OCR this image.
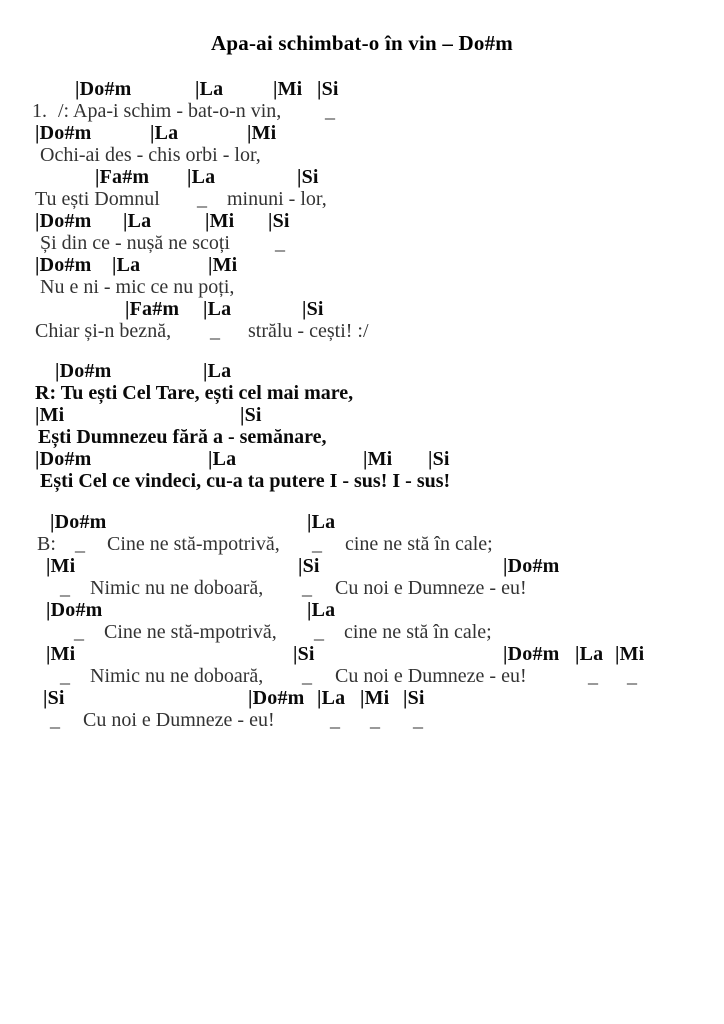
Apa-ai schimbat-o în vin – Do#m
|Do#m	|La |Mi |Si
1. /: Apa-i schim - bat-o-n vin, _
|Do#m	|La	|Mi
Ochi-ai des - chis orbi - lor,
|Fa#m |La	|Si
Tu ești Domnul _ minuni - lor,
|Do#m |La	|Mi |Si
Și din ce - nușă ne scoți _
|Do#m |La	|Mi
Nu e ni - mic ce nu poți,
|Fa#m |La	|Si
Chiar și-n beznă, _ strălu - cești! :/
|Do#m	|La
R: Tu ești Cel Tare, ești cel mai mare,
|Mi	|Si
Ești Dumnezeu fără a - semănare,
|Do#m	|La	|Mi |Si
Ești Cel ce vindeci, cu-a ta putere I - sus! I - sus!
|Do#m	|La
B: _ Cine ne stă-mpotrivă, _ cine ne stă în cale;
|Mi	|Si	|Do#m
_ Nimic nu ne doboară, _ Cu noi e Dumneze - eu!
|Do#m	|La
_ Cine ne stă-mpotrivă, _ cine ne stă în cale;
|Mi	|Si	|Do#m |La |Mi
_ Nimic nu ne doboară, _ Cu noi e Dumneze - eu!	_ _
|Si	|Do#m |La |Mi |Si
_ Cu noi e Dumneze - eu!	_ _ _
